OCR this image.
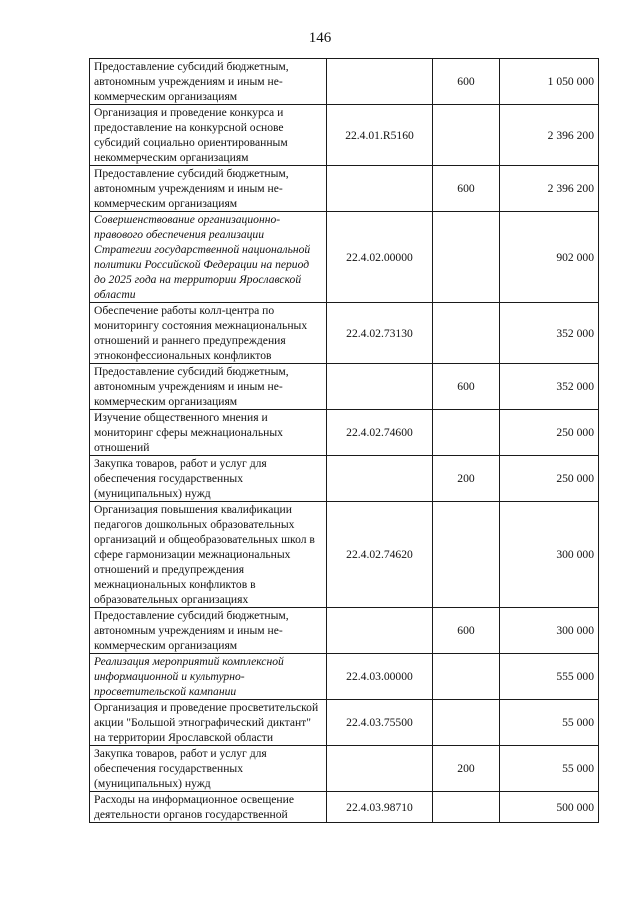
146
Предоставление субсидий бюджетным, автономным учреждениям и иным не-коммерческим организациям		600	1 050 000
Организация и проведение конкурса и предоставление на конкурсной основе субсидий социально ориентированным некоммерческим организациям	22.4.01.R5160		2 396 200
Предоставление субсидий бюджетным, автономным учреждениям и иным не-коммерческим организациям		600	2 396 200
Совершенствование организационно-правового обеспечения реализации Стратегии государственной национальной политики Российской Федерации на период до 2025 года на территории Ярославской области	22.4.02.00000		902 000
Обеспечение работы колл-центра по мониторингу состояния межнациональных отношений и раннего предупреждения этноконфессиональных конфликтов	22.4.02.73130		352 000
Предоставление субсидий бюджетным, автономным учреждениям и иным не-коммерческим организациям		600	352 000
Изучение общественного мнения и мониторинг сферы межнациональных отношений	22.4.02.74600		250 000
Закупка товаров, работ и услуг для обеспечения государственных (муниципальных) нужд		200	250 000
Организация повышения квалификации педагогов дошкольных образовательных организаций и общеобразовательных школ в сфере гармонизации межнациональных отношений и предупреждения межнациональных конфликтов в образовательных организациях	22.4.02.74620		300 000
Предоставление субсидий бюджетным, автономным учреждениям и иным не-коммерческим организациям		600	300 000
Реализация мероприятий комплексной информационной и культурно-просветительской кампании	22.4.03.00000		555 000
Организация и проведение просветительской акции "Большой этнографический диктант" на территории Ярославской области	22.4.03.75500		55 000
Закупка товаров, работ и услуг для обеспечения государственных (муниципальных) нужд		200	55 000
Расходы на информационное освещение деятельности органов государственной	22.4.03.98710		500 000
